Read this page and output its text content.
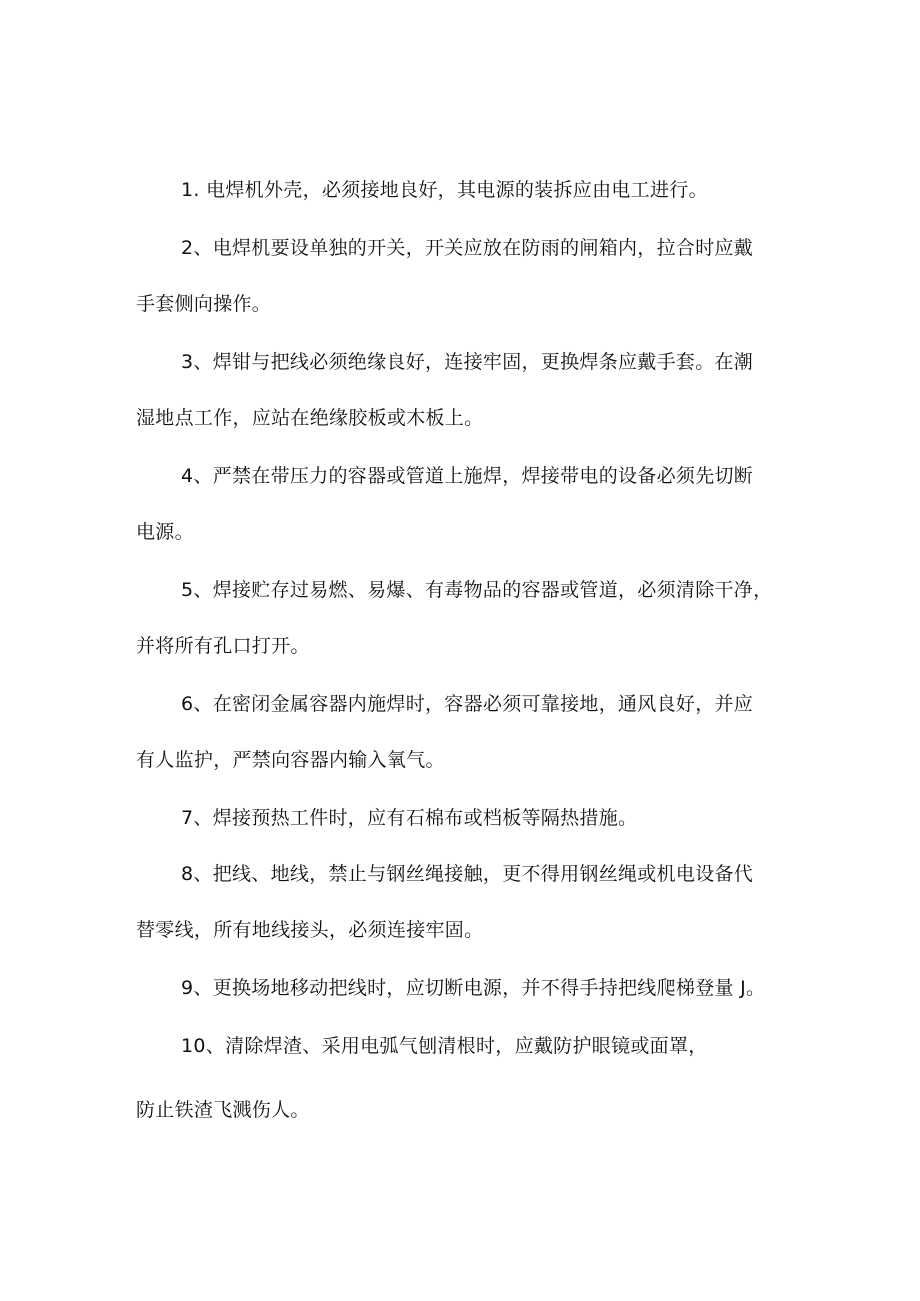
1. 电焊机外壳，必须接地良好，其电源的装拆应由电工进行。
2、电焊机要设单独的开关，开关应放在防雨的闸箱内，拉合时应戴
手套侧向操作。
3、焊钳与把线必须绝缘良好，连接牢固，更换焊条应戴手套。在潮
湿地点工作，应站在绝缘胶板或木板上。
4、严禁在带压力的容器或管道上施焊，焊接带电的设备必须先切断
电源。
5、焊接贮存过易燃、易爆、有毒物品的容器或管道，必须清除干净，
并将所有孔口打开。
6、在密闭金属容器内施焊时，容器必须可靠接地，通风良好，并应
有人监护，严禁向容器内输入氧气。
7、焊接预热工件时，应有石棉布或档板等隔热措施。
8、把线、地线，禁止与钢丝绳接触，更不得用钢丝绳或机电设备代
替零线，所有地线接头，必须连接牢固。
9、更换场地移动把线时，应切断电源，并不得手持把线爬梯登量 J。
10、清除焊渣、采用电弧气刨清根时，应戴防护眼镜或面罩，
防止铁渣飞溅伤人。
